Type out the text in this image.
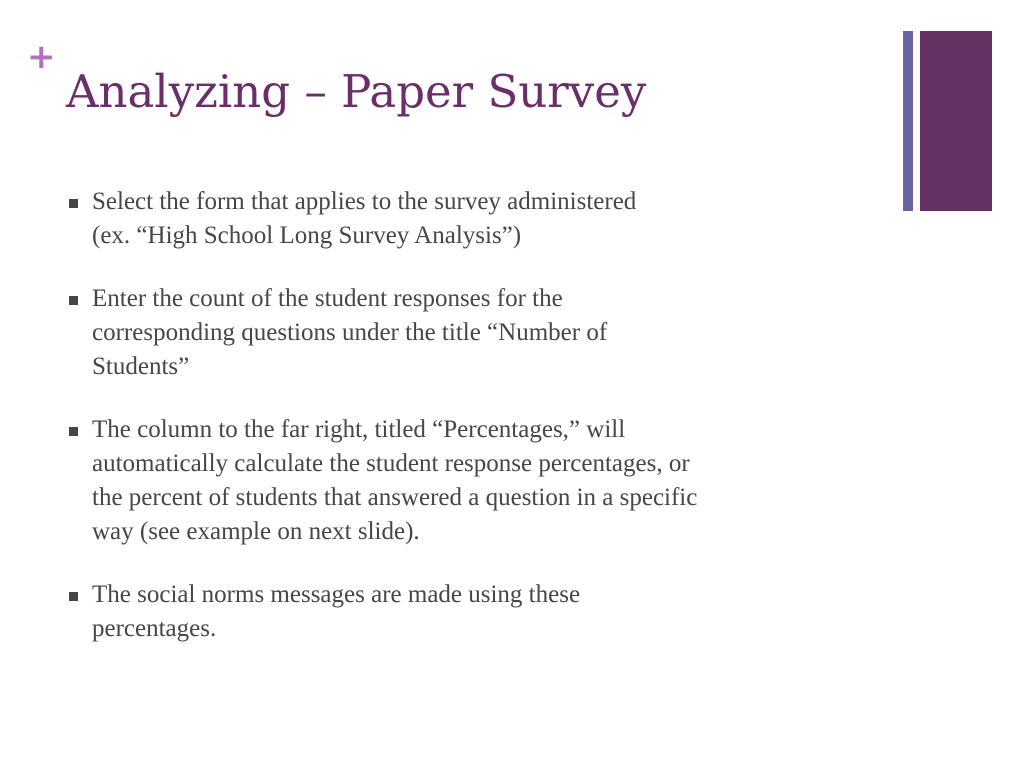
+
Analyzing – Paper Survey
Select the form that applies to the survey administered
(ex. “High School Long Survey Analysis”)
Enter the count of the student responses for the
corresponding questions under the title “Number of
Students”
The column to the far right, titled “Percentages,” will
automatically calculate the student response percentages, or
the percent of students that answered a question in a specific
way (see example on next slide).
The social norms messages are made using these
percentages.
